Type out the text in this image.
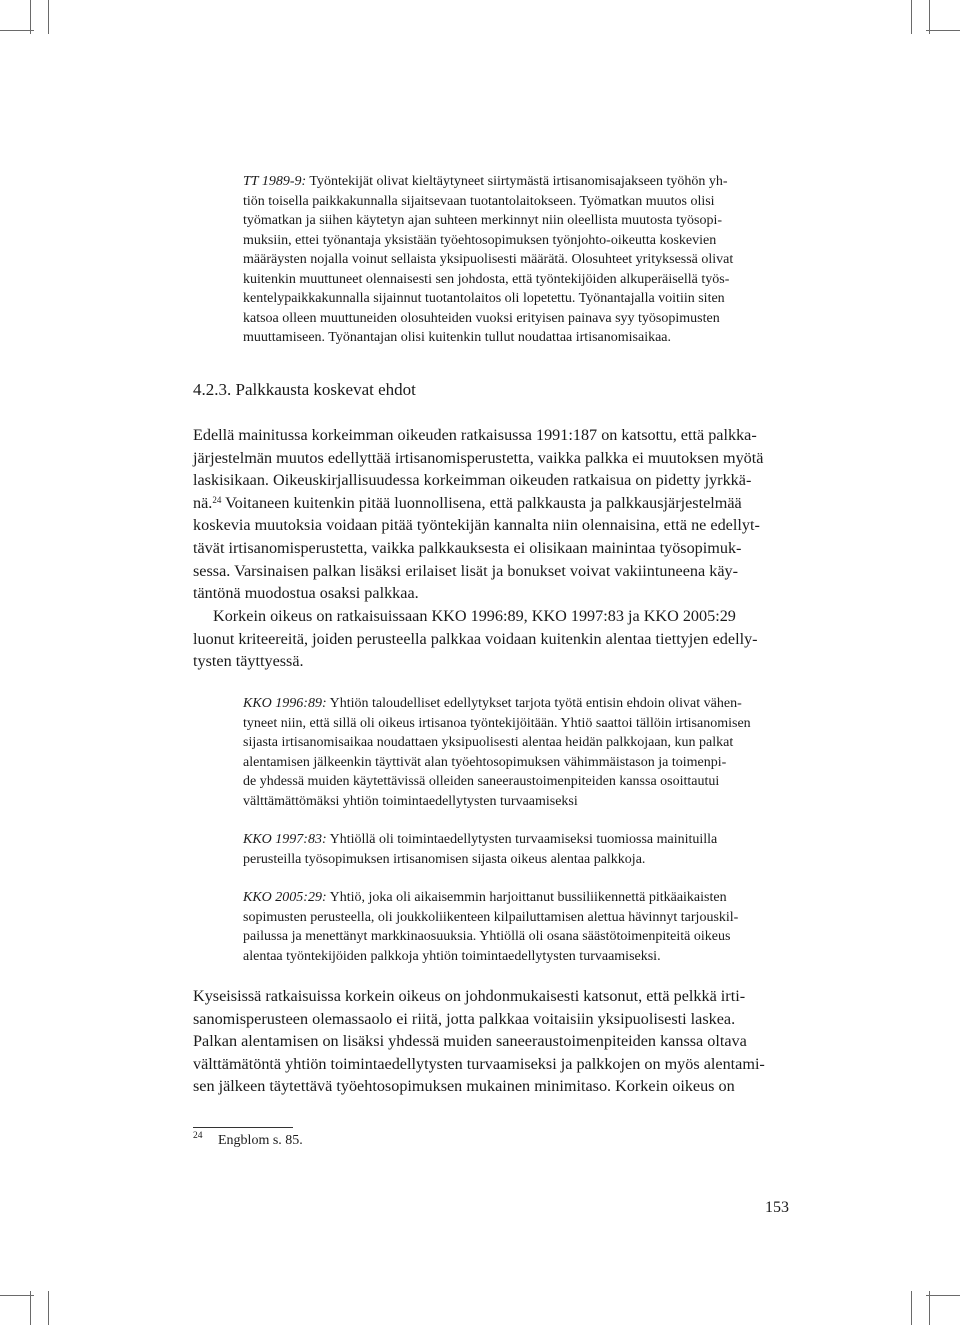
TT 1989-9: Työntekijät olivat kieltäytyneet siirtymästä irtisanomisajakseen työhön yh-
tiön toisella paikkakunnalla sijaitsevaan tuotantolaitokseen. Työmatkan muutos olisi
työmatkan ja siihen käytetyn ajan suhteen merkinnyt niin oleellista muutosta työsopi-
muksiin, ettei työnantaja yksistään työehtosopimuksen työnjohto-oikeutta koskevien
määräysten nojalla voinut sellaista yksipuolisesti määrätä. Olosuhteet yrityksessä olivat
kuitenkin muuttuneet olennaisesti sen johdosta, että työntekijöiden alkuperäisellä työs-
kentelypaikkakunnalla sijainnut tuotantolaitos oli lopetettu. Työnantajalla voitiin siten
katsoa olleen muuttuneiden olosuhteiden vuoksi erityisen painava syy työsopimusten
muuttamiseen. Työnantajan olisi kuitenkin tullut noudattaa irtisanomisaikaa.
4.2.3. Palkkausta koskevat ehdot
Edellä mainitussa korkeimman oikeuden ratkaisussa 1991:187 on katsottu, että palkka-
järjestelmän muutos edellyttää irtisanomisperustetta, vaikka palkka ei muutoksen myötä
laskisikaan. Oikeuskirjallisuudessa korkeimman oikeuden ratkaisua on pidetty jyrkkä-
nä.$^{24}$ Voitaneen kuitenkin pitää luonnollisena, että palkkausta ja palkkausjärjestelmää
koskevia muutoksia voidaan pitää työntekijän kannalta niin olennaisina, että ne edellyt-
tävät irtisanomisperustetta, vaikka palkkauksesta ei olisikaan mainintaa työsopimuk-
sessa. Varsinaisen palkan lisäksi erilaiset lisät ja bonukset voivat vakiintuneena käy-
täntönä muodostua osaksi palkkaa.
Korkein oikeus on ratkaisuissaan KKO 1996:89, KKO 1997:83 ja KKO 2005:29
luonut kriteereitä, joiden perusteella palkkaa voidaan kuitenkin alentaa tiettyjen edelly-
tysten täyttyessä.
KKO 1996:89: Yhtiön taloudelliset edellytykset tarjota työtä entisin ehdoin olivat vähen-
tyneet niin, että sillä oli oikeus irtisanoa työntekijöitään. Yhtiö saattoi tällöin irtisanomisen
sijasta irtisanomisaikaa noudattaen yksipuolisesti alentaa heidän palkkojaan, kun palkat
alentamisen jälkeenkin täyttivät alan työehtosopimuksen vähimmäistason ja toimenpi-
de yhdessä muiden käytettävissä olleiden saneeraustoimenpiteiden kanssa osoittautui
välttämättömäksi yhtiön toimintaedellytysten turvaamiseksi
KKO 1997:83: Yhtiöllä oli toimintaedellytysten turvaamiseksi tuomiossa mainituilla
perusteilla työsopimuksen irtisanomisen sijasta oikeus alentaa palkkoja.
KKO 2005:29: Yhtiö, joka oli aikaisemmin harjoittanut bussiliikennettä pitkäaikaisten
sopimusten perusteella, oli joukkoliikenteen kilpailuttamisen alettua hävinnyt tarjouskil-
pailussa ja menettänyt markkinaosuuksia. Yhtiöllä oli osana säästötoimenpiteitä oikeus
alentaa työntekijöiden palkkoja yhtiön toimintaedellytysten turvaamiseksi.
Kyseisissä ratkaisuissa korkein oikeus on johdonmukaisesti katsonut, että pelkkä irti-
sanomisperusteen olemassaolo ei riitä, jotta palkkaa voitaisiin yksipuolisesti laskea.
Palkan alentamisen on lisäksi yhdessä muiden saneeraustoimenpiteiden kanssa oltava
välttämätöntä yhtiön toimintaedellytysten turvaamiseksi ja palkkojen on myös alentami-
sen jälkeen täytettävä työehtosopimuksen mukainen minimitaso. Korkein oikeus on
24 Engblom s. 85.
153
